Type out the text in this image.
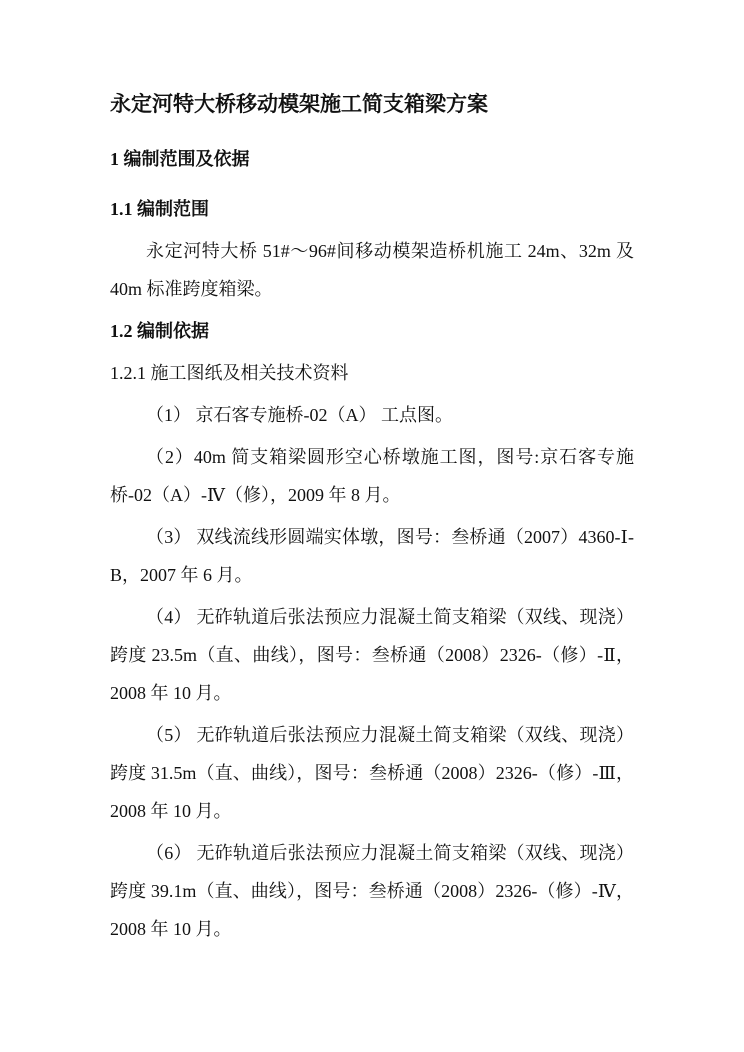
永定河特大桥移动模架施工简支箱梁方案
1 编制范围及依据
1.1 编制范围
永定河特大桥 51#～96#间移动模架造桥机施工 24m、32m 及 40m 标准跨度箱梁。
1.2 编制依据
1.2.1 施工图纸及相关技术资料
（1） 京石客专施桥-02（A） 工点图。
（2）40m 简支箱梁圆形空心桥墩施工图，图号:京石客专施桥-02（A）-Ⅳ（修），2009 年 8 月。
（3） 双线流线形圆端实体墩，图号：叁桥通（2007）4360-Ⅰ-B，2007 年 6 月。
（4） 无砟轨道后张法预应力混凝土简支箱梁（双线、现浇）跨度 23.5m（直、曲线），图号：叁桥通（2008）2326-（修）-Ⅱ，2008 年 10 月。
（5） 无砟轨道后张法预应力混凝土简支箱梁（双线、现浇）跨度 31.5m（直、曲线），图号：叁桥通（2008）2326-（修）-Ⅲ，2008 年 10 月。
（6） 无砟轨道后张法预应力混凝土简支箱梁（双线、现浇）跨度 39.1m（直、曲线），图号：叁桥通（2008）2326-（修）-Ⅳ，2008 年 10 月。
